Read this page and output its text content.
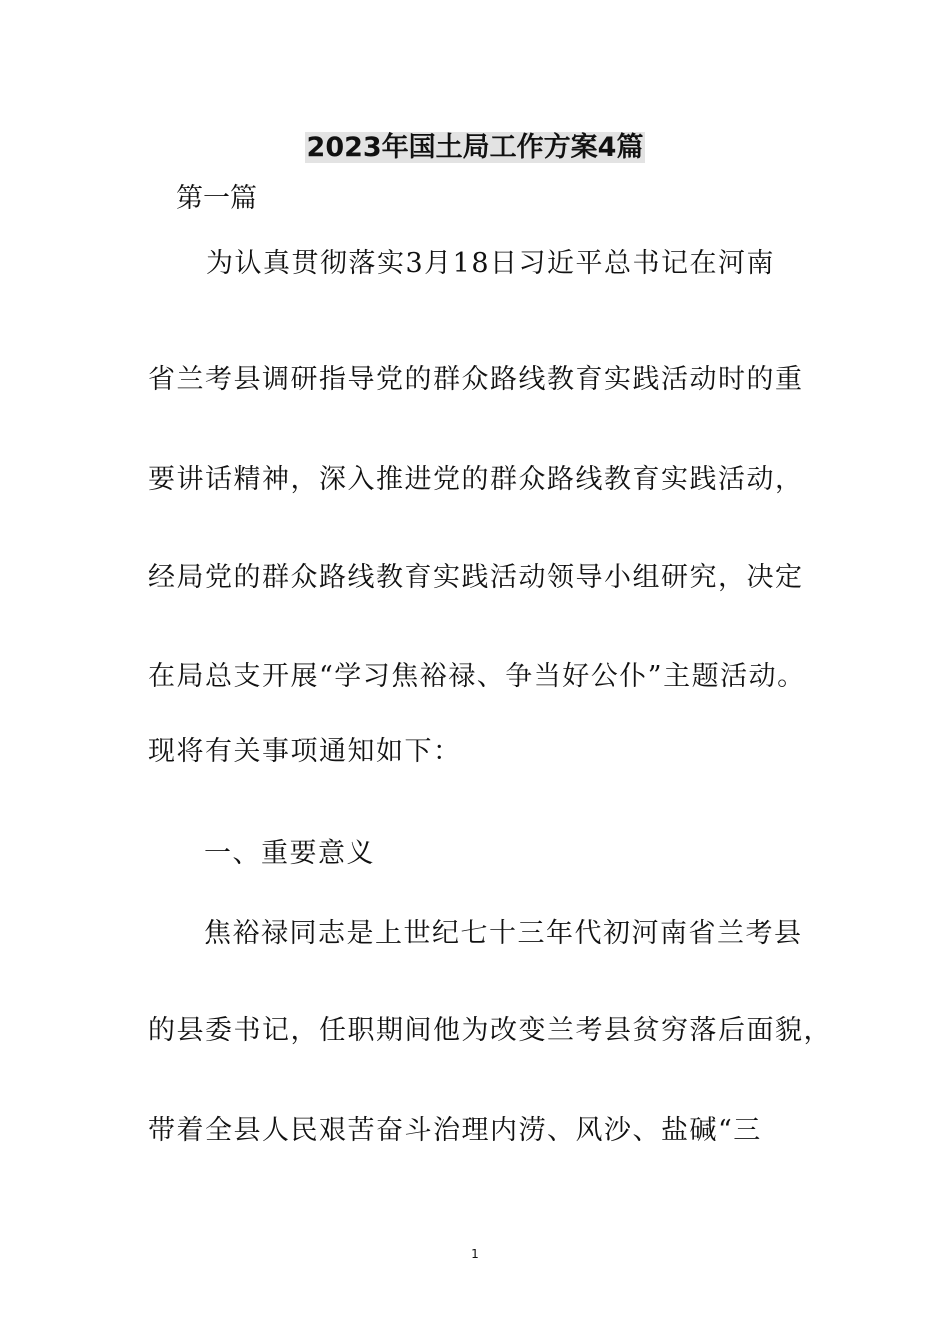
2023年国土局工作方案4篇
第一篇
为认真贯彻落实3月18日习近平总书记在河南
省兰考县调研指导党的群众路线教育实践活动时的重
要讲话精神，深入推进党的群众路线教育实践活动，
经局党的群众路线教育实践活动领导小组研究，决定
在局总支开展“学习焦裕禄、争当好公仆”主题活动。
现将有关事项通知如下：
一、重要意义
焦裕禄同志是上世纪七十三年代初河南省兰考县
的县委书记，任职期间他为改变兰考县贫穷落后面貌，
带着全县人民艰苦奋斗治理内涝、风沙、盐碱“三
1
